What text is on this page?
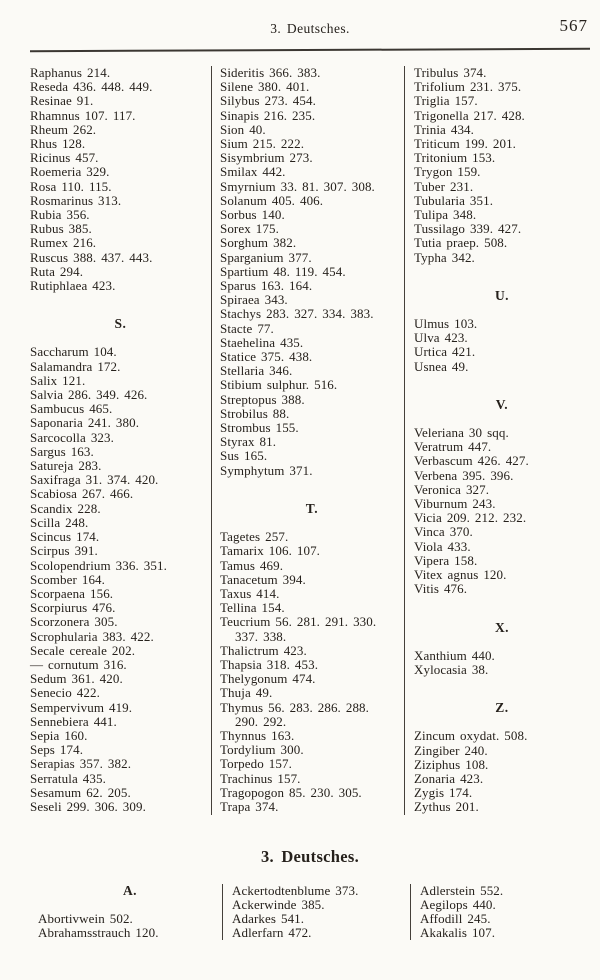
3. Deutsches.	567
Raphanus 214.
Reseda 436. 448. 449.
Resinae 91.
Rhamnus 107. 117.
Rheum 262.
Rhus 128.
Ricinus 457.
Roemeria 329.
Rosa 110. 115.
Rosmarinus 313.
Rubia 356.
Rubus 385.
Rumex 216.
Ruscus 388. 437. 443.
Ruta 294.
Rutiphlaea 423.
S.
Saccharum 104.
Salamandra 172.
Salix 121.
Salvia 286. 349. 426.
Sambucus 465.
Saponaria 241. 380.
Sarcocolla 323.
Sargus 163.
Satureja 283.
Saxifraga 31. 374. 420.
Scabiosa 267. 466.
Scandix 228.
Scilla 248.
Scincus 174.
Scirpus 391.
Scolopendrium 336. 351.
Scomber 164.
Scorpaena 156.
Scorpiurus 476.
Scorzonera 305.
Scrophularia 383. 422.
Secale cereale 202.
— cornutum 316.
Sedum 361. 420.
Senecio 422.
Sempervivum 419.
Sennebiera 441.
Sepia 160.
Seps 174.
Serapias 357. 382.
Serratula 435.
Sesamum 62. 205.
Seseli 299. 306. 309.
Sideritis 366. 383.
Silene 380. 401.
Silybus 273. 454.
Sinapis 216. 235.
Sion 40.
Sium 215. 222.
Sisymbrium 273.
Smilax 442.
Smyrnium 33. 81. 307. 308.
Solanum 405. 406.
Sorbus 140.
Sorex 175.
Sorghum 382.
Sparganium 377.
Spartium 48. 119. 454.
Sparus 163. 164.
Spiraea 343.
Stachys 283. 327. 334. 383.
Stacte 77.
Staehelina 435.
Statice 375. 438.
Stellaria 346.
Stibium sulphur. 516.
Streptopus 388.
Strobilus 88.
Strombus 155.
Styrax 81.
Sus 165.
Symphytum 371.
T.
Tagetes 257.
Tamarix 106. 107.
Tamus 469.
Tanacetum 394.
Taxus 414.
Tellina 154.
Teucrium 56. 281. 291. 330.
337. 338.
Thalictrum 423.
Thapsia 318. 453.
Thelygonum 474.
Thuja 49.
Thymus 56. 283. 286. 288.
290. 292.
Thynnus 163.
Tordylium 300.
Torpedo 157.
Trachinus 157.
Tragopogon 85. 230. 305.
Trapa 374.
Tribulus 374.
Trifolium 231. 375.
Triglia 157.
Trigonella 217. 428.
Trinia 434.
Triticum 199. 201.
Tritonium 153.
Trygon 159.
Tuber 231.
Tubularia 351.
Tulipa 348.
Tussilago 339. 427.
Tutia praep. 508.
Typha 342.
U.
Ulmus 103.
Ulva 423.
Urtica 421.
Usnea 49.
V.
Veleriana 30 sqq.
Veratrum 447.
Verbascum 426. 427.
Verbena 395. 396.
Veronica 327.
Viburnum 243.
Vicia 209. 212. 232.
Vinca 370.
Viola 433.
Vipera 158.
Vitex agnus 120.
Vitis 476.
X.
Xanthium 440.
Xylocasia 38.
Z.
Zincum oxydat. 508.
Zingiber 240.
Ziziphus 108.
Zonaria 423.
Zygis 174.
Zythus 201.
3. Deutsches.
A.
Abortivwein 502.
Abrahamsstrauch 120.
Ackertodtenblume 373.
Ackerwinde 385.
Adarkes 541.
Adlerfarn 472.
Adlerstein 552.
Aegilops 440.
Affodill 245.
Akakalis 107.
